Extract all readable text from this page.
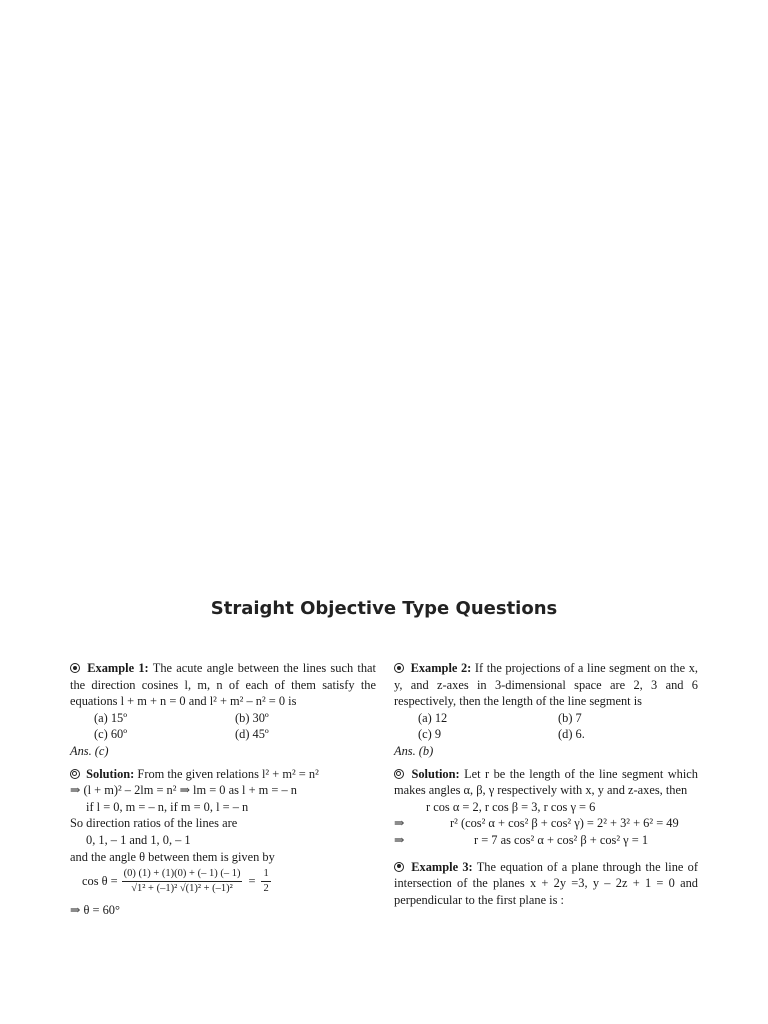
Straight Objective Type Questions

Example 1: The acute angle between the lines such that the direction cosines l, m, n of each of them satisfy the equations l + m + n = 0 and l² + m² – n² = 0 is

(a) 15º	(b) 30º
(c) 60º	(d) 45º

Ans. (c)

Solution: From the given relations l² + m² = n²

⇒ (l + m)² – 2lm = n² ⇒ lm = 0 as l + m = – n

if l = 0, m = – n, if m = 0, l = – n

So direction ratios of the lines are

0, 1, – 1 and 1, 0, – 1

and the angle θ between them is given by

$\cos \theta = \frac{(0) (1) + (1)(0) + (- 1) (- 1)}{\text{√1² + (–1)² √(1)² + (–1)²}} = \frac{1}{2}$

⇒ θ = 60°

Example 2: If the projections of a line segment on the x, y, and z-axes in 3-dimensional space are 2, 3 and 6 respectively, then the length of the line segment is

(a) 12	(b) 7
(c) 9	(d) 6.

Ans. (b)

Solution: Let r be the length of the line segment which makes angles α, β, γ respectively with x, y and z-axes, then

r cos α = 2, r cos β = 3, r cos γ = 6

⇒	r² (cos² α + cos² β + cos² γ) = 2² + 3² + 6² = 49
⇒	r = 7 as cos² α + cos² β + cos² γ = 1

Example 3: The equation of a plane through the line of intersection of the planes x + 2y =3, y – 2z + 1 = 0 and perpendicular to the first plane is :
